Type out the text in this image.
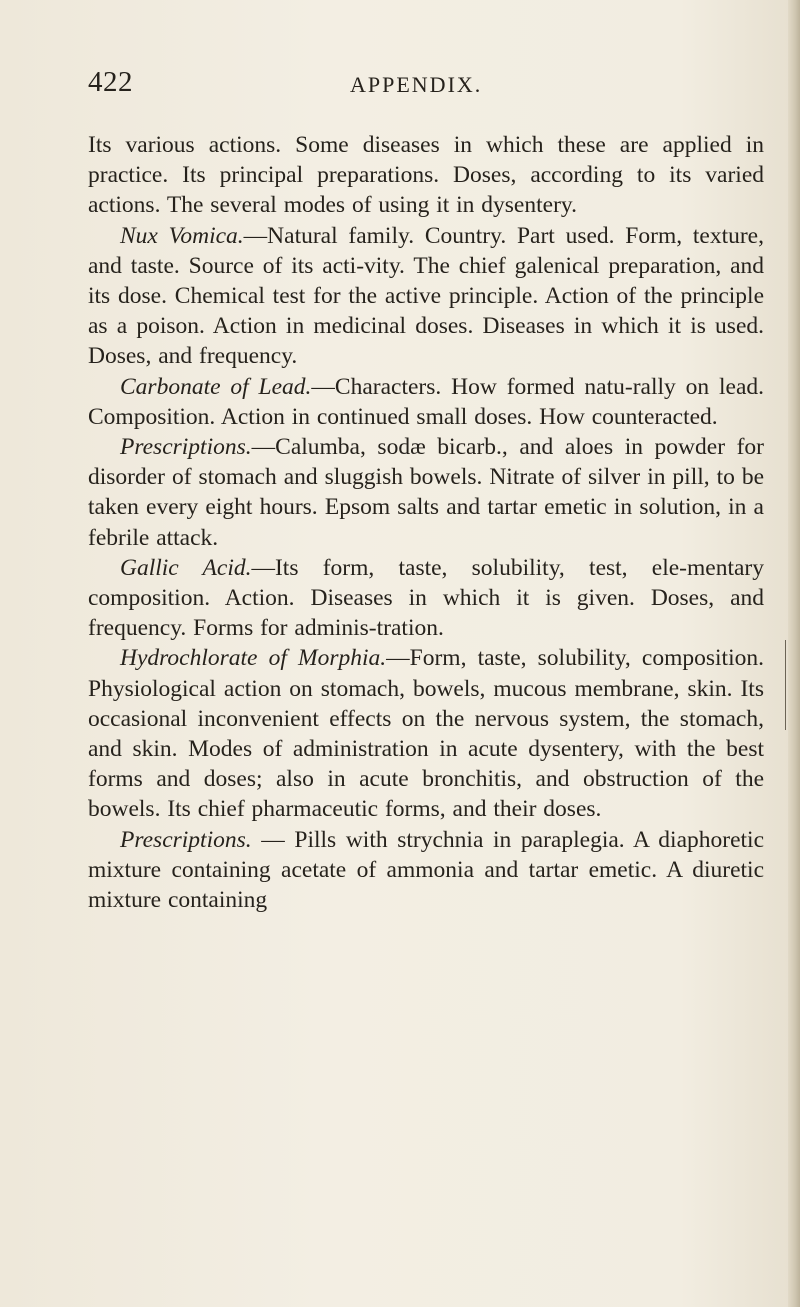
422	APPENDIX.

Its various actions. Some diseases in which these are applied in practice. Its principal preparations. Doses, according to its varied actions. The several modes of using it in dysentery.

Nux Vomica.—Natural family. Country. Part used. Form, texture, and taste. Source of its acti-vity. The chief galenical preparation, and its dose. Chemical test for the active principle. Action of the principle as a poison. Action in medicinal doses. Diseases in which it is used. Doses, and frequency.

Carbonate of Lead.—Characters. How formed natu-rally on lead. Composition. Action in continued small doses. How counteracted.

Prescriptions.—Calumba, sodæ bicarb., and aloes in powder for disorder of stomach and sluggish bowels. Nitrate of silver in pill, to be taken every eight hours. Epsom salts and tartar emetic in solution, in a febrile attack.

Gallic Acid.—Its form, taste, solubility, test, ele-mentary composition. Action. Diseases in which it is given. Doses, and frequency. Forms for adminis-tration.

Hydrochlorate of Morphia.—Form, taste, solubility, composition. Physiological action on stomach, bowels, mucous membrane, skin. Its occasional inconvenient effects on the nervous system, the stomach, and skin. Modes of administration in acute dysentery, with the best forms and doses; also in acute bronchitis, and obstruction of the bowels. Its chief pharmaceutic forms, and their doses.

Prescriptions. — Pills with strychnia in paraplegia. A diaphoretic mixture containing acetate of ammonia and tartar emetic. A diuretic mixture containing
